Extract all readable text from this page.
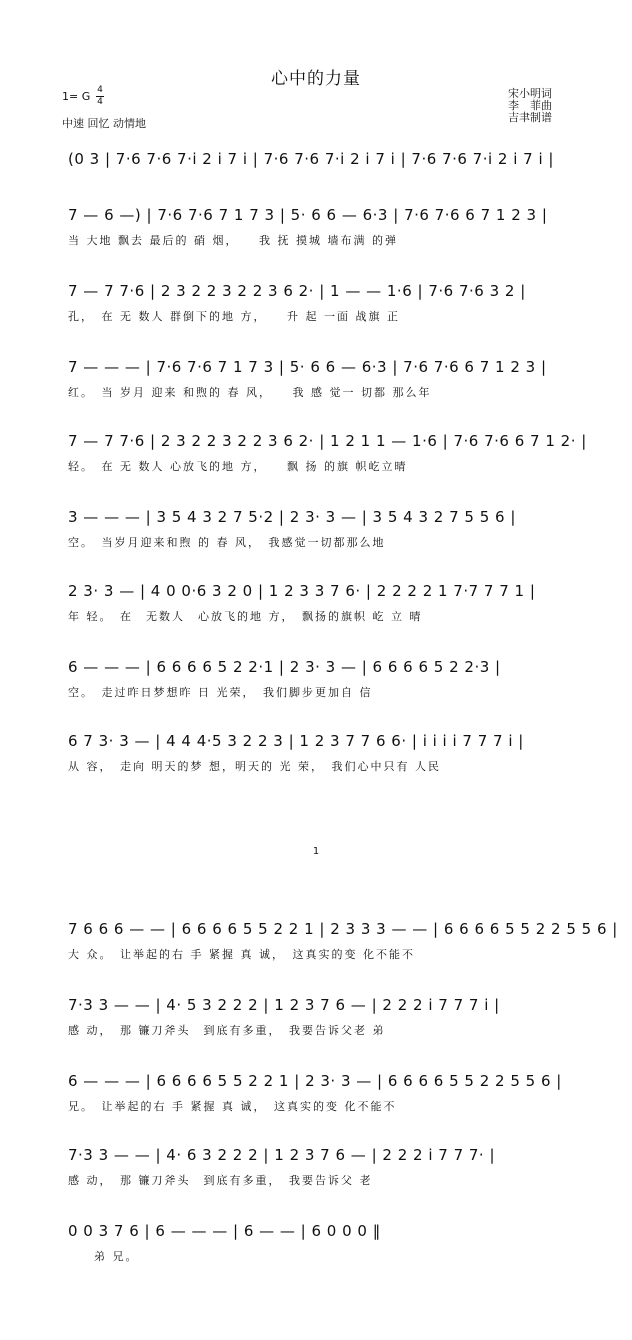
心中的力量
1= G 4
4
中速 回忆 动情地
宋小明词
李　菲曲
吉聿制谱
(0 3 | 7·6 7·6 7·i 2 i 7 i | 7·6 7·6 7·i 2 i 7 i | 7·6 7·6 7·i 2 i 7 i |
7 — 6 —) | 7·6 7·6 7 1 7 3 | 5· 6 6 — 6·3 | 7·6 7·6 6 7 1 2 3 |
当 大地 飘去 最后的 硝 烟，　　我 抚 摸城 墙布满 的弹
7 — 7 7·6 | 2 3 2 2 3 2 2 3 6 2· | 1 — — 1·6 | 7·6 7·6 3 2 |
孔，　在 无 数人 群倒下的地 方，　　升 起 一面 战旗 正
7 — — — | 7·6 7·6 7 1 7 3 | 5· 6 6 — 6·3 | 7·6 7·6 6 7 1 2 3 |
红。　当 岁月 迎来 和煦的 春 风，　　我 感 觉一 切都 那么年
7 — 7 7·6 | 2 3 2 2 3 2 2 3 6 2· | 1 2 1 1 — 1·6 | 7·6 7·6 6 7 1 2· |
轻。　在 无 数人 心放飞的地 方，　　飘 扬 的旗 帜屹立晴
3 — — — | 3 5 4 3 2 7 5·2 | 2 3· 3 — | 3 5 4 3 2 7 5 5 6 |
空。　当岁月迎来和煦 的 春 风，　我感觉一切都那么地
2 3· 3 — | 4 0 0·6 3 2 0 | 1 2 3 3 7 6· | 2 2 2 2 1 7·7 7 7 1 |
年 轻。　在　无数人　心放飞的地 方，　飘扬的旗帜 屹 立 晴
6 — — — | 6 6 6 6 5 2 2·1 | 2 3· 3 — | 6 6 6 6 5 2 2·3 |
空。　走过昨日梦想昨 日 光荣，　我们脚步更加自 信
6 7 3· 3 — | 4 4 4·5 3 2 2 3 | 1 2 3 7 7 6 6· | i i i i 7 7 7 i |
从 容，　走向 明天的梦 想，明天的 光 荣，　我们心中只有 人民
1
7 6 6 6 — — | 6 6 6 6 5 5 2 2 1 | 2 3 3 3 — — | 6 6 6 6 5 5 2 2 5 5 6 |
大 众。　让举起的右 手 紧握 真 诚，　这真实的变 化不能不
7·3 3 — — | 4· 5 3 2 2 2 | 1 2 3 7 6 — | 2 2 2 i 7 7 7 i |
感 动，　那 镰刀斧头　到底有多重，　我要告诉父老 弟
6 — — — | 6 6 6 6 5 5 2 2 1 | 2 3· 3 — | 6 6 6 6 5 5 2 2 5 5 6 |
兄。　让举起的右 手 紧握 真 诚，　这真实的变 化不能不
7·3 3 — — | 4· 6 3 2 2 2 | 1 2 3 7 6 — | 2 2 2 i 7 7 7· |
感 动，　那 镰刀斧头　到底有多重，　我要告诉父 老
0 0 3 7 6 | 6 — — — | 6 — — | 6 0 0 0 ‖
　　弟 兄。
